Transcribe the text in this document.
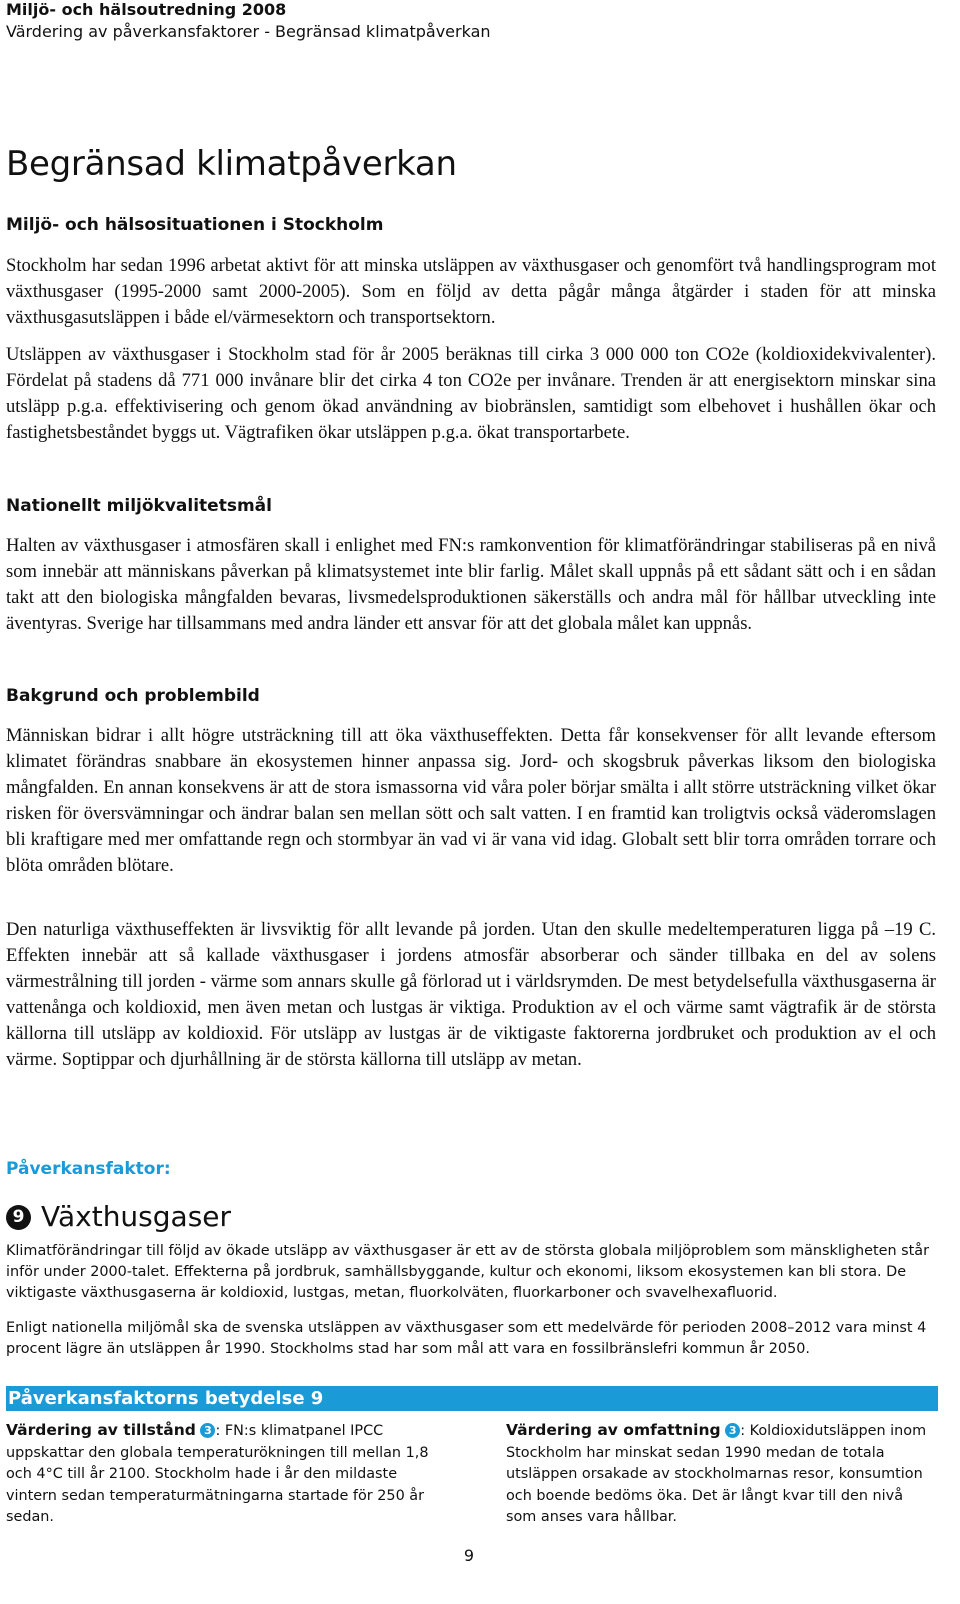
Miljö- och hälsoutredning 2008
Värdering av påverkansfaktorer - Begränsad klimatpåverkan
Begränsad klimatpåverkan
Miljö- och hälsosituationen i Stockholm

Stockholm har sedan 1996 arbetat aktivt för att minska utsläppen av växthusgaser och genomfört två handlingsprogram mot växthusgaser (1995-2000 samt 2000-2005). Som en följd av detta pågår många åtgärder i staden för att minska växthusgasutsläppen i både el/värmesektorn och transportsektorn.

Utsläppen av växthusgaser i Stockholm stad för år 2005 beräknas till cirka 3 000 000 ton CO2e (koldioxidekvivalenter). Fördelat på stadens då 771 000 invånare blir det cirka 4 ton CO2e per invånare. Trenden är att energisektorn minskar sina utsläpp p.g.a. effektivisering och genom ökad användning av biobränslen, samtidigt som elbehovet i hushållen ökar och fastighetsbeståndet byggs ut. Vägtrafiken ökar utsläppen p.g.a. ökat transportarbete.

Nationellt miljökvalitetsmål

Halten av växthusgaser i atmosfären skall i enlighet med FN:s ramkonvention för klimatförändringar stabiliseras på en nivå som innebär att människans påverkan på klimatsystemet inte blir farlig. Målet skall uppnås på ett sådant sätt och i en sådan takt att den biologiska mångfalden bevaras, livsmedelsproduktionen säkerställs och andra mål för hållbar utveckling inte äventyras. Sverige har tillsammans med andra länder ett ansvar för att det globala målet kan uppnås.

Bakgrund och problembild

Människan bidrar i allt högre utsträckning till att öka växthuseffekten. Detta får konsekvenser för allt levande eftersom klimatet förändras snabbare än ekosystemen hinner anpassa sig. Jord- och skogsbruk påverkas liksom den biologiska mångfalden. En annan konsekvens är att de stora ismassorna vid våra poler börjar smälta i allt större utsträckning vilket ökar risken för översvämningar och ändrar balan sen mellan sött och salt vatten. I en framtid kan troligtvis också väderomslagen bli kraftigare med mer omfattande regn och stormbyar än vad vi är vana vid idag. Globalt sett blir torra områden torrare och blöta områden blötare.

Den naturliga växthuseffekten är livsviktig för allt levande på jorden. Utan den skulle medeltemperaturen ligga på –19 C. Effekten innebär att så kallade växthusgaser i jordens atmosfär absorberar och sänder tillbaka en del av solens värmestrålning till jorden - värme som annars skulle gå förlorad ut i världsrymden. De mest betydelsefulla växthusgaserna är vattenånga och koldioxid, men även metan och lustgas är viktiga. Produktion av el och värme samt vägtrafik är de största källorna till utsläpp av koldioxid. För utsläpp av lustgas är de viktigaste faktorerna jordbruket och produktion av el och värme. Soptippar och djurhållning är de största källorna till utsläpp av metan.

Påverkansfaktor:
9 Växthusgaser

Klimatförändringar till följd av ökade utsläpp av växthusgaser är ett av de största globala miljöproblem som mänskligheten står inför under 2000-talet. Effekterna på jordbruk, samhällsbyggande, kultur och ekonomi, liksom ekosystemen kan bli stora. De viktigaste växthusgaserna är koldioxid, lustgas, metan, fluorkolväten, fluorkarboner och svavelhexafluorid.

Enligt nationella miljömål ska de svenska utsläppen av växthusgaser som ett medelvärde för perioden 2008–2012 vara minst 4 procent lägre än utsläppen år 1990. Stockholms stad har som mål att vara en fossilbränslefri kommun år 2050.

Påverkansfaktorns betydelse 9
Värdering av tillstånd 3 : FN:s klimatpanel IPCC uppskattar den globala temperaturökningen till mellan 1,8 och 4°C till år 2100. Stockholm hade i år den mildaste vintern sedan temperaturmätningarna startade för 250 år sedan.
Värdering av omfattning 3 : Koldioxidutsläppen inom Stockholm har minskat sedan 1990 medan de totala utsläppen orsakade av stockholmarnas resor, konsumtion och boende bedöms öka. Det är långt kvar till den nivå som anses vara hållbar.
9
